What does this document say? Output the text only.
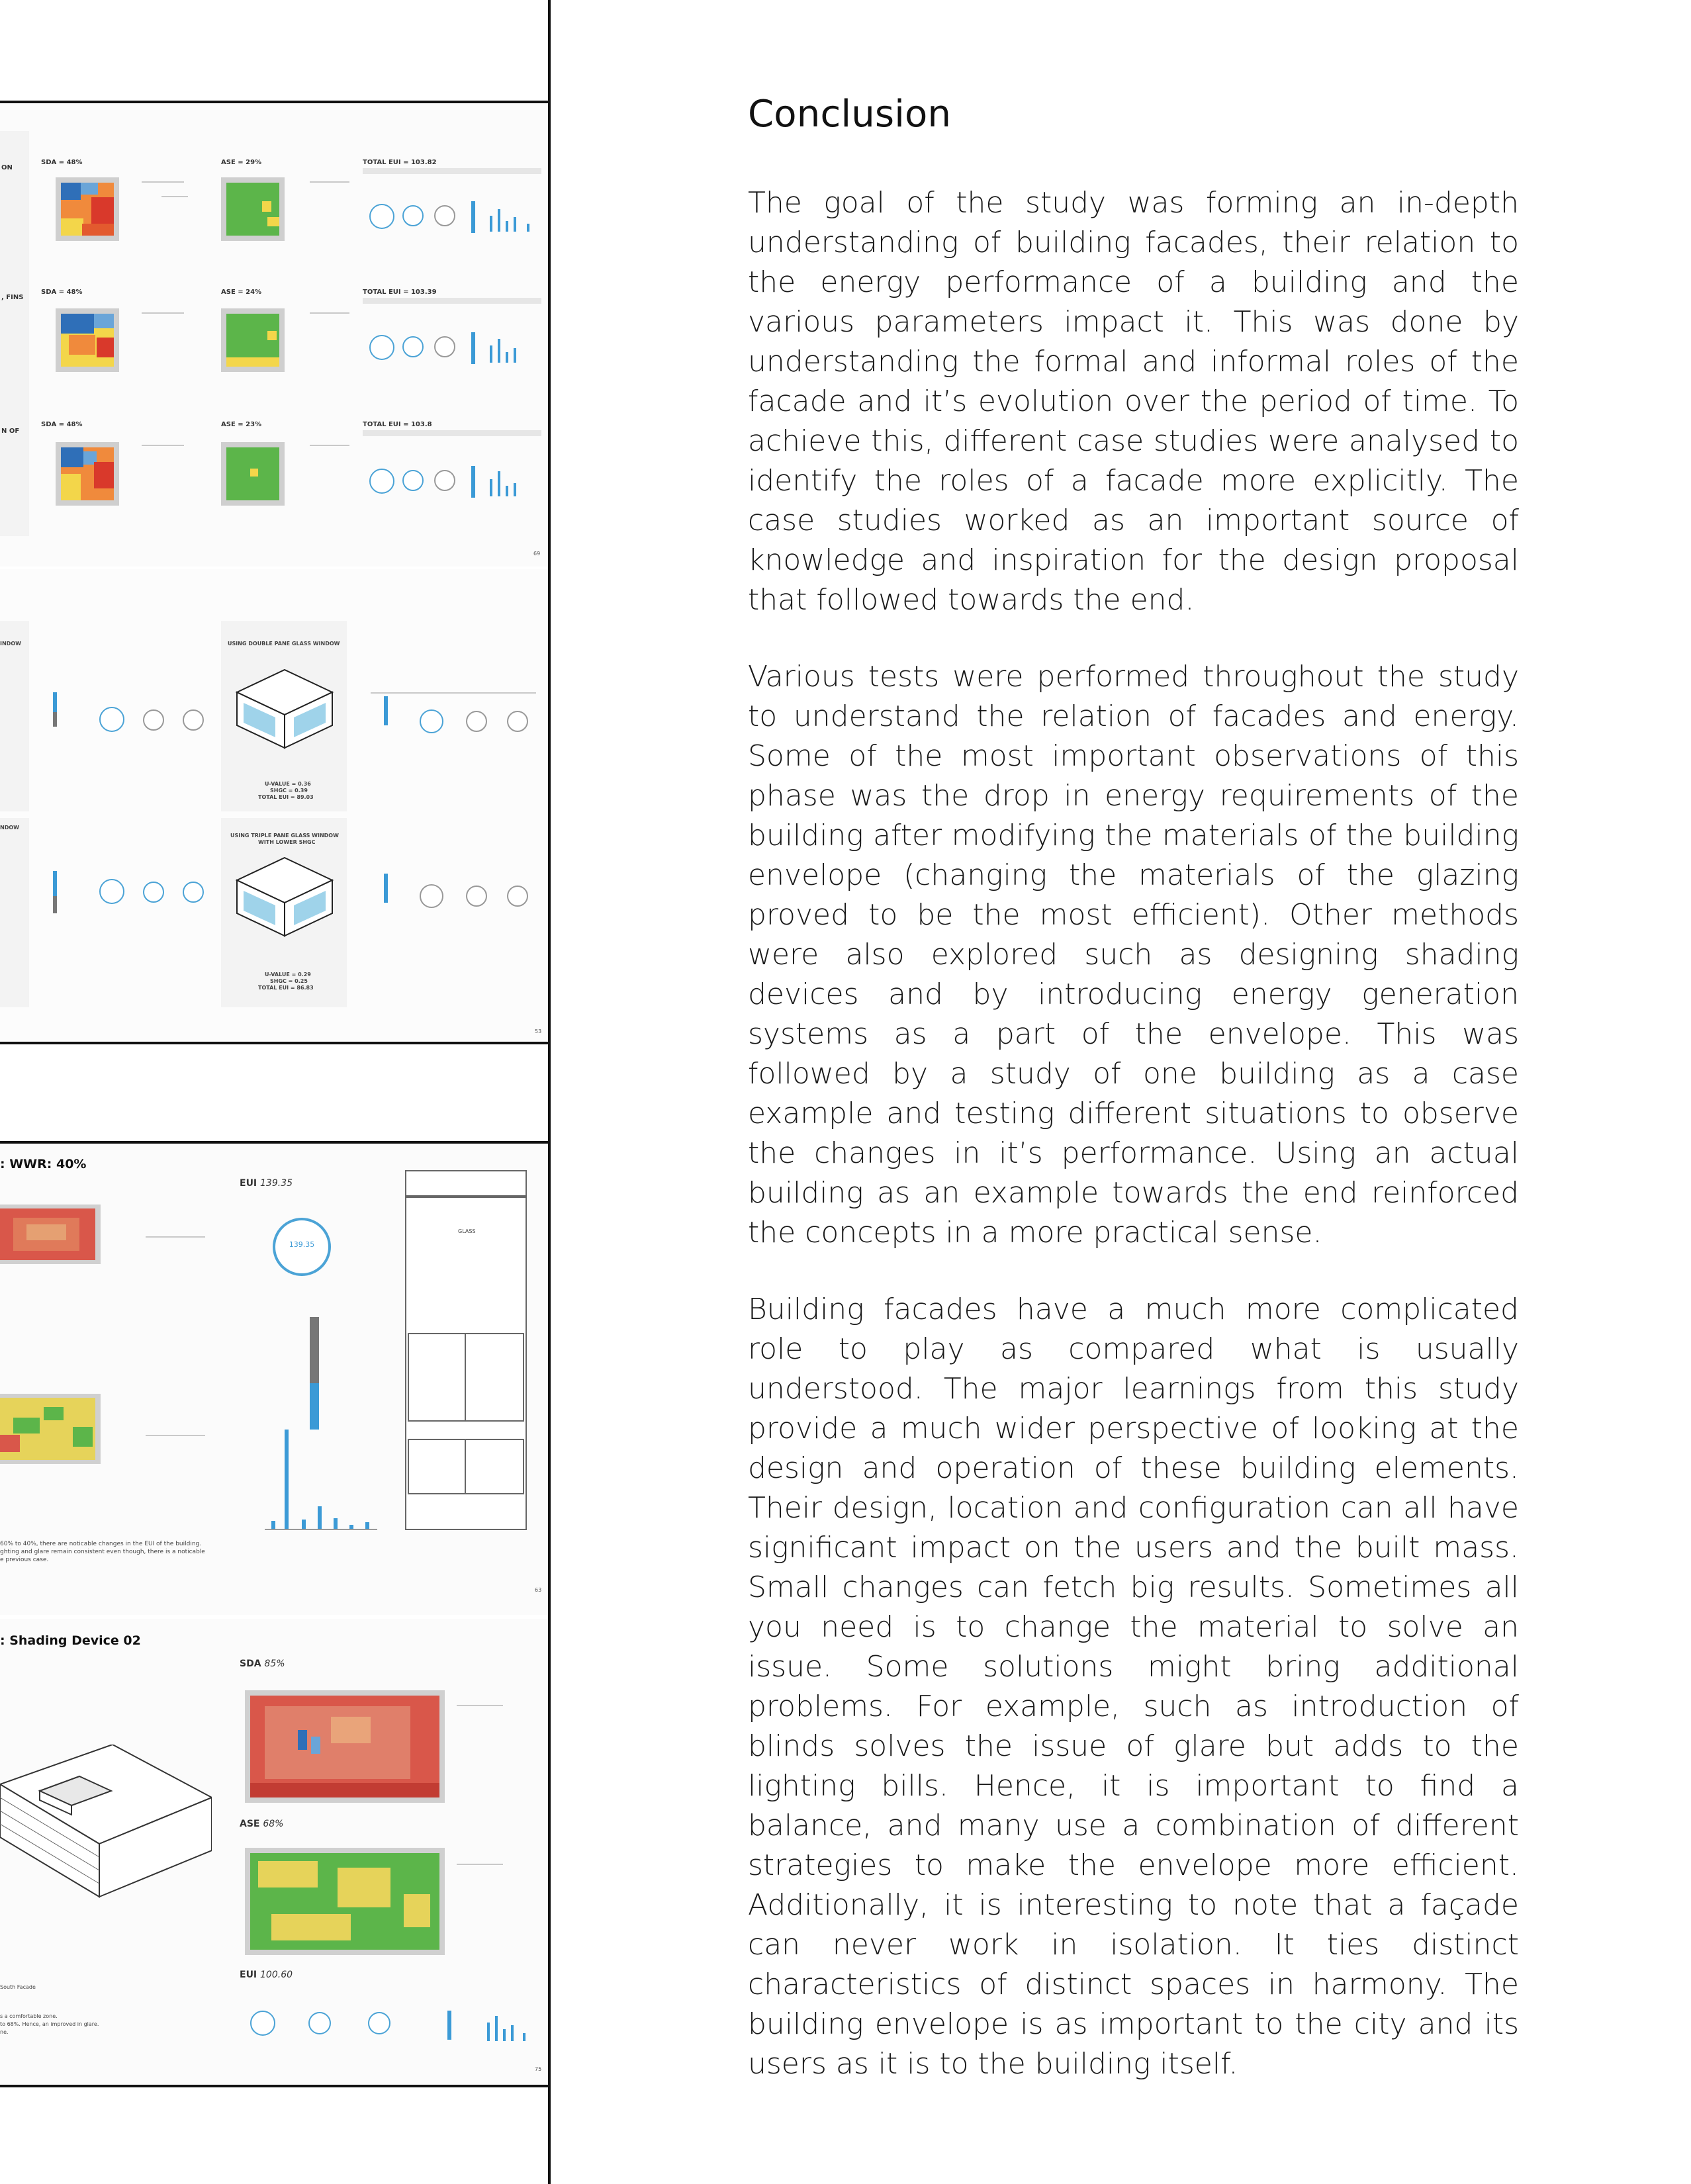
ON
SDA = 48%	ASE = 29%	TOTAL EUI = 103.82
, FINS
SDA = 48%	ASE = 24%	TOTAL EUI = 103.39
N OF
SDA = 48%	ASE = 23%	TOTAL EUI = 103.8
69
INDOW
NDOW
USING DOUBLE PANE GLASS WINDOW
U-VALUE = 0.36
SHGC = 0.39
TOTAL EUI = 89.03
USING TRIPLE PANE GLASS WINDOW
WITH LOWER SHGC
U-VALUE = 0.29
SHGC = 0.25
TOTAL EUI = 86.83
53
: WWR: 40%
EUI 139.35
139.35
GLASS
60% to 40%, there are noticable changes in the EUI of the building.
ghting and glare remain consistent even though, there is a noticable
e previous case.
63
: Shading Device 02
South Facade
SDA 85%
ASE 68%
EUI 100.60
s a comfortable zone.
to 68%. Hence, an improved in glare.
ne.
75
Conclusion

The goal of the study was forming an in-depth understanding of building facades, their relation to the energy performance of a building and the various parameters impact it. This was done by understanding the formal and informal roles of the facade and it’s evolution over the period of time. To achieve this, different case studies were analysed to identify the roles of a facade more explicitly. The case studies worked as an important source of knowledge and inspiration for the design proposal that followed towards the end.

Various tests were performed throughout the study to understand the relation of facades and energy. Some of the most important observations of this phase was the drop in energy requirements of the building after modifying the materials of the building envelope (changing the materials of the glazing proved to be the most efficient). Other methods were also explored such as designing shading devices and by introducing energy generation systems as a part of the envelope. This was followed by a study of one building as a case example and testing different situations to observe the changes in it’s performance. Using an actual building as an example towards the end reinforced the concepts in a more practical sense.

Building facades have a much more complicated role to play as compared what is usually understood. The major learnings from this study provide a much wider perspective of looking at the design and operation of these building elements. Their design, location and configuration can all have significant impact on the users and the built mass. Small changes can fetch big results. Sometimes all you need is to change the material to solve an issue. Some solutions might bring additional problems. For example, such as introduction of blinds solves the issue of glare but adds to the lighting bills. Hence, it is important to find a balance, and many use a combination of different strategies to make the envelope more efficient. Additionally, it is interesting to note that a façade can never work in isolation. It ties distinct characteristics of distinct spaces in harmony. The building envelope is as important to the city and its users as it is to the building itself.
